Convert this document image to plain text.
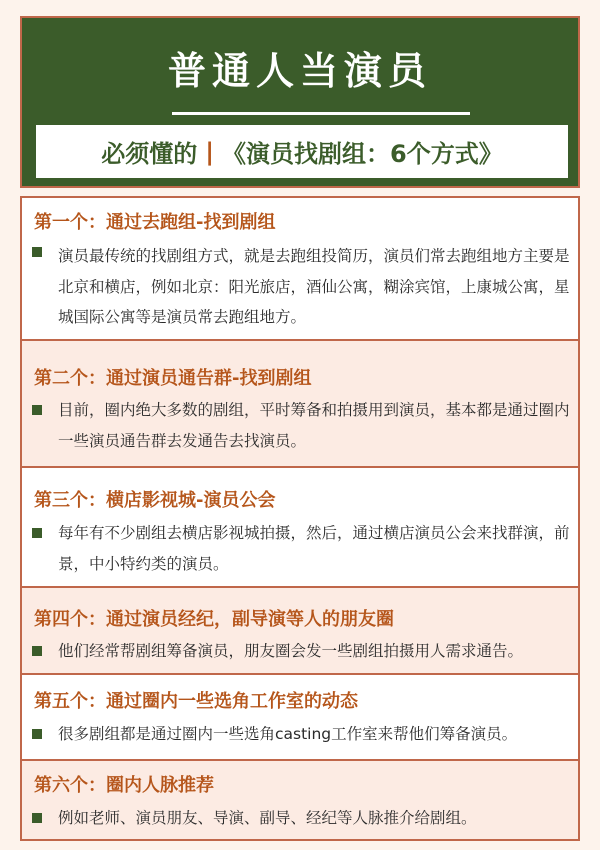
普通人当演员
必须懂的 | 《演员找剧组：6个方式》
第一个：通过去跑组-找到剧组
演员最传统的找剧组方式，就是去跑组投简历，演员们常去跑组地方主要是北京和横店，例如北京：阳光旅店，酒仙公寓，糊涂宾馆，上康城公寓，星城国际公寓等是演员常去跑组地方。
第二个：通过演员通告群-找到剧组
目前，圈内绝大多数的剧组，平时筹备和拍摄用到演员，基本都是通过圈内一些演员通告群去发通告去找演员。
第三个：横店影视城-演员公会
每年有不少剧组去横店影视城拍摄，然后，通过横店演员公会来找群演，前景，中小特约类的演员。
第四个：通过演员经纪，副导演等人的朋友圈
他们经常帮剧组筹备演员，朋友圈会发一些剧组拍摄用人需求通告。
第五个：通过圈内一些选角工作室的动态
很多剧组都是通过圈内一些选角casting工作室来帮他们筹备演员。
第六个：圈内人脉推荐
例如老师、演员朋友、导演、副导、经纪等人脉推介给剧组。
